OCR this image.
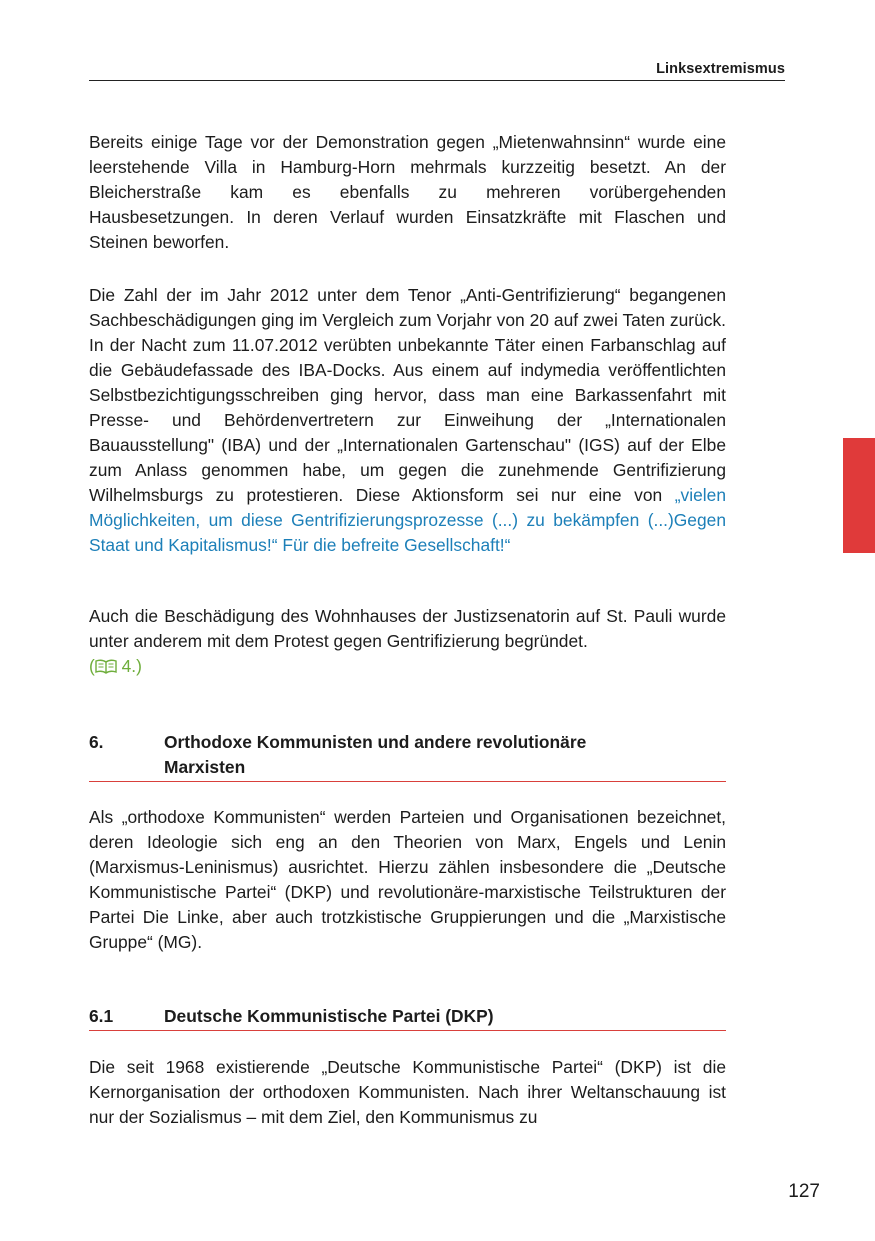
Linksextremismus

Bereits einige Tage vor der Demonstration gegen „Mietenwahnsinn“ wurde eine leerstehende Villa in Hamburg-Horn mehrmals kurzzeitig besetzt. An der Bleicherstraße kam es ebenfalls zu mehreren vorübergehenden Hausbesetzungen. In deren Verlauf wurden Einsatzkräfte mit Flaschen und Steinen beworfen.

Die Zahl der im Jahr 2012 unter dem Tenor „Anti-Gentrifizierung“ begangenen Sachbeschädigungen ging im Vergleich zum Vorjahr von 20 auf zwei Taten zurück. In der Nacht zum 11.07.2012 verübten unbekannte Täter einen Farbanschlag auf die Gebäudefassade des IBA-Docks. Aus einem auf indymedia veröffentlichten Selbstbezichtigungsschreiben ging hervor, dass man eine Barkassenfahrt mit Presse- und Behördenvertretern zur Einweihung der „Internationalen Bauausstellung" (IBA) und der „Internationalen Gartenschau" (IGS) auf der Elbe zum Anlass genommen habe, um gegen die zunehmende Gentrifizierung Wilhelmsburgs zu protestieren. Diese Aktionsform sei nur eine von „vielen Möglichkeiten, um diese Gentrifizierungsprozesse (...) zu bekämpfen (...)Gegen Staat und Kapitalismus!“ Für die befreite Gesellschaft!“

Auch die Beschädigung des Wohnhauses der Justizsenatorin auf St. Pauli wurde unter anderem mit dem Protest gegen Gentrifizierung begründet.
( 4.)

6.	Orthodoxe Kommunisten und andere revolutionäre Marxisten

Als „orthodoxe Kommunisten“ werden Parteien und Organisationen bezeichnet, deren Ideologie sich eng an den Theorien von Marx, Engels und Lenin (Marxismus-Leninismus) ausrichtet. Hierzu zählen insbesondere die „Deutsche Kommunistische Partei“ (DKP) und revolutionäre-marxistische Teilstrukturen der Partei Die Linke, aber auch trotzkistische Gruppierungen und die „Marxistische Gruppe“ (MG).

6.1	Deutsche Kommunistische Partei (DKP)

Die seit 1968 existierende „Deutsche Kommunistische Partei“ (DKP) ist die Kernorganisation der orthodoxen Kommunisten. Nach ihrer Weltanschauung ist nur der Sozialismus – mit dem Ziel, den Kommunismus zu

127
